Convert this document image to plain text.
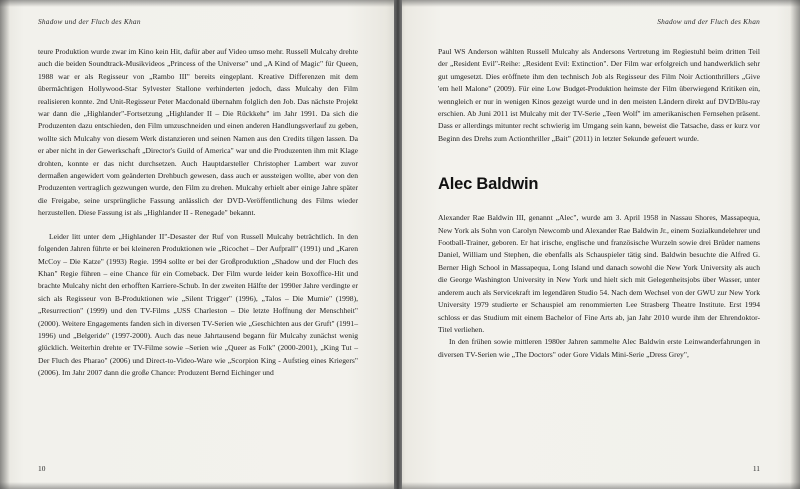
Shadow und der Fluch des Khan

teure Produktion wurde zwar im Kino kein Hit, dafür aber auf Video umso mehr. Russell Mulcahy drehte auch die beiden Soundtrack-Musikvideos „Princess of the Universe" und „A Kind of Magic" für Queen, 1988 war er als Regisseur von „Rambo III" bereits eingeplant. Kreative Differenzen mit dem übermächtigen Hollywood-Star Sylvester Stallone verhinderten jedoch, dass Mulcahy den Film realisieren konnte. 2nd Unit-Regisseur Peter Macdonald übernahm folglich den Job. Das nächste Projekt war dann die „Highlander"-Fortsetzung „Highlander II – Die Rückkehr" im Jahr 1991. Da sich die Produzenten dazu entschieden, den Film umzuschneiden und einen anderen Handlungsverlauf zu geben, wollte sich Mulcahy von diesem Werk distanzieren und seinen Namen aus den Credits tilgen lassen. Da er aber nicht in der Gewerkschaft „Director's Guild of America" war und die Produzenten ihm mit Klage drohten, konnte er das nicht durchsetzen. Auch Hauptdarsteller Christopher Lambert war zuvor dermaßen angewidert vom geänderten Drehbuch gewesen, dass auch er aussteigen wollte, aber von den Produzenten vertraglich gezwungen wurde, den Film zu drehen. Mulcahy erhielt aber einige Jahre später die Freigabe, seine ursprüngliche Fassung anlässlich der DVD-Veröffentlichung des Films wieder herzustellen. Diese Fassung ist als „Highlander II - Renegade" bekannt.

Leider litt unter dem „Highlander II"-Desaster der Ruf von Russell Mulcahy beträchtlich. In den folgenden Jahren führte er bei kleineren Produktionen wie „Ricochet – Der Aufprall" (1991) und „Karen McCoy – Die Katze" (1993) Regie. 1994 sollte er bei der Großproduktion „Shadow und der Fluch des Khan" Regie führen – eine Chance für ein Comeback. Der Film wurde leider kein Boxoffice-Hit und brachte Mulcahy nicht den erhofften Karriere-Schub. In der zweiten Hälfte der 1990er Jahre verdingte er sich als Regisseur von B-Produktionen wie „Silent Trigger" (1996), „Talos – Die Mumie" (1998), „Resurrection" (1999) und den TV-Films „USS Charleston – Die letzte Hoffnung der Menschheit" (2000). Weitere Engagements fanden sich in diversen TV-Serien wie „Geschichten aus der Gruft" (1991–1996) und „Belgeride" (1997-2000). Auch das neue Jahrtausend begann für Mulcahy zunächst wenig glücklich. Weiterhin drehte er TV-Filme sowie –Serien wie „Queer as Folk" (2000-2001), „King Tut – Der Fluch des Pharao" (2006) und Direct-to-Video-Ware wie „Scorpion King - Aufstieg eines Kriegers" (2006). Im Jahr 2007 dann die große Chance: Produzent Bernd Eichinger und

10
Shadow und der Fluch des Khan

Paul WS Anderson wählten Russell Mulcahy als Andersons Vertretung im Regiestuhl beim dritten Teil der „Resident Evil"-Reihe: „Resident Evil: Extinction". Der Film war erfolgreich und handwerklich sehr gut umgesetzt. Dies eröffnete ihm den technisch Job als Regisseur des Film Noir Actionthrillers „Give 'em hell Malone" (2009). Für eine Low Budget-Produktion heimste der Film überwiegend Kritiken ein, wenngleich er nur in wenigen Kinos gezeigt wurde und in den meisten Ländern direkt auf DVD/Blu-ray erschien. Ab Juni 2011 ist Mulcahy mit der TV-Serie „Teen Wolf" im amerikanischen Fernsehen präsent. Dass er allerdings mitunter recht schwierig im Umgang sein kann, beweist die Tatsache, dass er kurz vor Beginn des Drehs zum Actionthriller „Bait" (2011) in letzter Sekunde gefeuert wurde.

Alec Baldwin

Alexander Rae Baldwin III, genannt „Alec", wurde am 3. April 1958 in Nassau Shores, Massapequa, New York als Sohn von Carolyn Newcomb und Alexander Rae Baldwin Jr., einem Sozialkundelehrer und Football-Trainer, geboren. Er hat irische, englische und französische Wurzeln sowie drei Brüder namens Daniel, William und Stephen, die ebenfalls als Schauspieler tätig sind. Baldwin besuchte die Alfred G. Berner High School in Massapequa, Long Island und danach sowohl die New York University als auch die George Washington University in New York und hielt sich mit Gelegenheitsjobs über Wasser, unter anderem auch als Servicekraft im legendären Studio 54. Nach dem Wechsel von der GWU zur New York University 1979 studierte er Schauspiel am renommierten Lee Strasberg Theatre Institute. Erst 1994 schloss er das Studium mit einem Bachelor of Fine Arts ab, jan Jahr 2010 wurde ihm der Ehrendoktor-Titel verliehen.

In den frühen sowie mittleren 1980er Jahren sammelte Alec Baldwin erste Leinwanderfahrungen in diversen TV-Serien wie „The Doctors" oder Gore Vidals Mini-Serie „Dress Grey",

11
